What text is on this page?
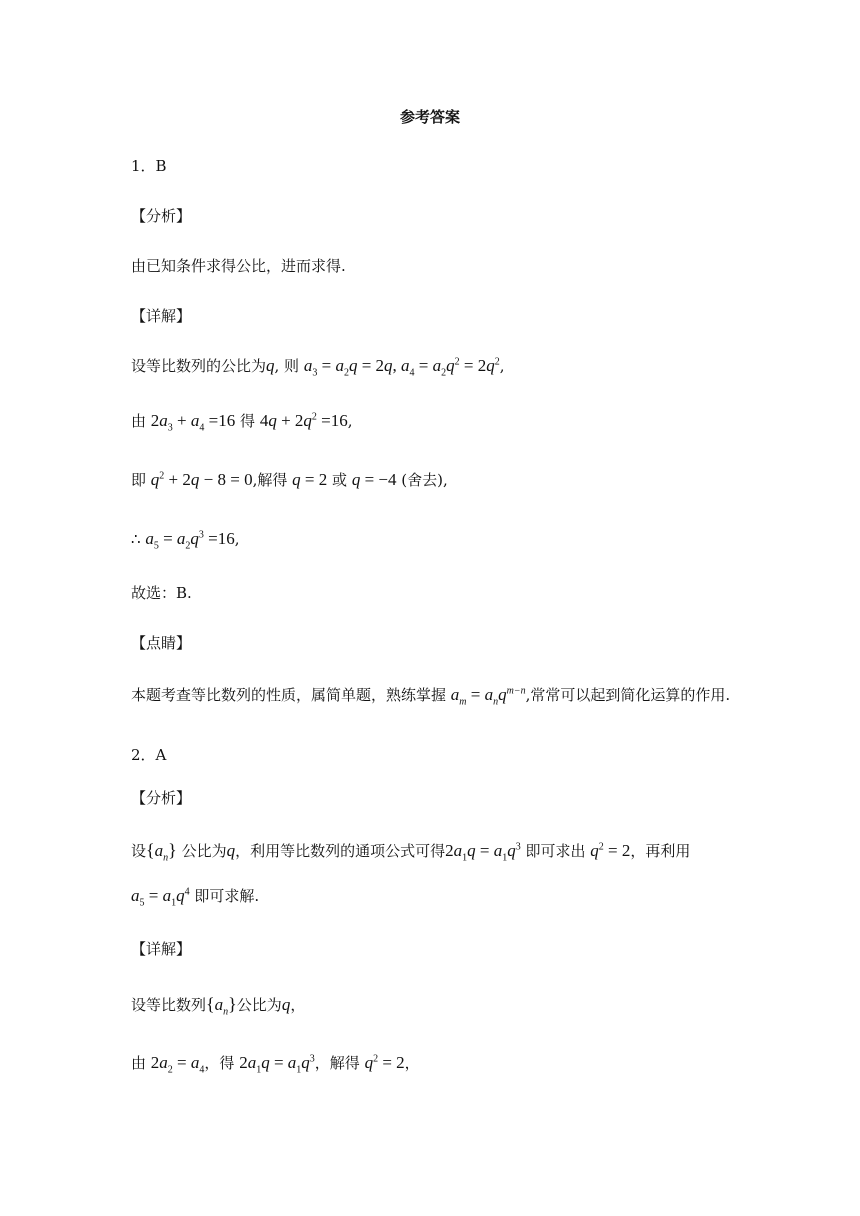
参考答案
1．B
【分析】
由已知条件求得公比，进而求得.
【详解】
设等比数列的公比为q, 则 $a_3 = a_2q = 2q$, $a_4 = a_2q^2 = 2q^2$,
由 $2a_3 + a_4 =16$ 得 $4q + 2q^2 =16$,
即 $q^2 + 2q - 8 = 0$,解得 q = 2 或 q = −4 (舍去),
∴ $a_5 = a_2q^3 =16$,
故选：B.
【点睛】
本题考查等比数列的性质，属简单题，熟练掌握 $a_m = a_nq^{m-n}$,常常可以起到简化运算的作用.
2．A
【分析】
设$\{a_n\}$ 公比为q，利用等比数列的通项公式可得$2a_1q = a_1q^3$ 即可求出 $q^2 = 2$，再利用
$a_5 = a_1q^4$ 即可求解.
【详解】
设等比数列$\{a_n\}$公比为q，
由 $2a_2 = a_4$，得 $2a_1q = a_1q^3$，解得 $q^2 = 2$，
